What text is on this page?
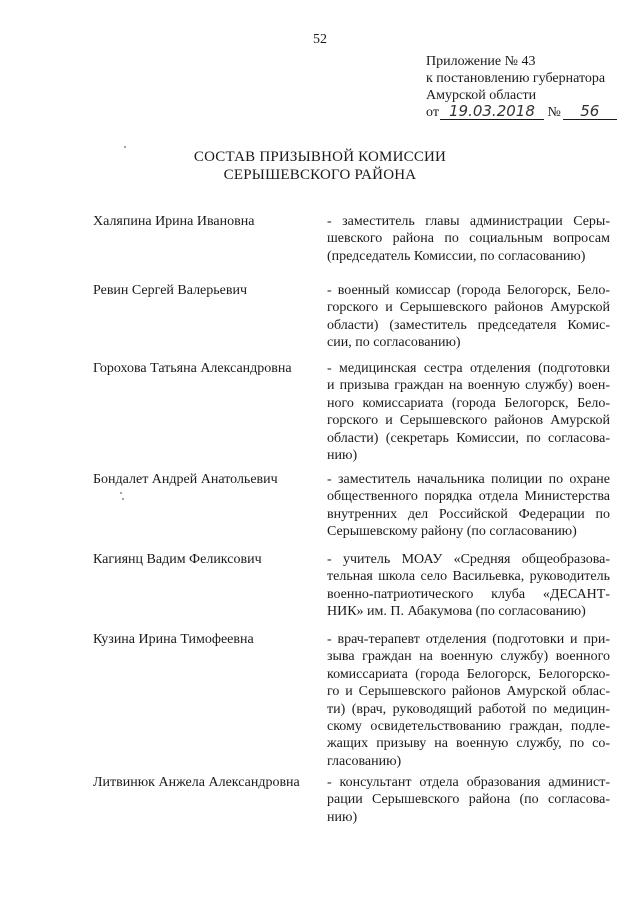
52
Приложение № 43
к постановлению губернатора
Амурской области
от 19.03.2018 № 56
СОСТАВ ПРИЗЫВНОЙ КОМИССИИ
СЕРЫШЕВСКОГО РАЙОНА
Халяпина Ирина Ивановна	- заместитель главы администрации Серы-
шевского района по социальным вопросам
(председатель Комиссии, по согласованию)
Ревин Сергей Валерьевич	- военный комиссар (города Белогорск, Бело-
горского и Серышевского районов Амурской
области) (заместитель председателя Комис-
сии, по согласованию)
Горохова Татьяна Александровна	- медицинская сестра отделения (подготовки
и призыва граждан на военную службу) воен-
ного комиссариата (города Белогорск, Бело-
горского и Серышевского районов Амурской
области) (секретарь Комиссии, по согласова-
нию)
Бондалет Андрей Анатольевич	- заместитель начальника полиции по охране
общественного порядка отдела Министерства
внутренних дел Российской Федерации по
Серышевскому району (по согласованию)
Кагиянц Вадим Феликсович	- учитель МОАУ «Средняя общеобразова-
тельная школа село Васильевка, руководитель
военно-патриотического клуба «ДЕСАНТ-
НИК» им. П. Абакумова (по согласованию)
Кузина Ирина Тимофеевна	- врач-терапевт отделения (подготовки и при-
зыва граждан на военную службу) военного
комиссариата (города Белогорск, Белогорско-
го и Серышевского районов Амурской облас-
ти) (врач, руководящий работой по медицин-
скому освидетельствованию граждан, подле-
жащих призыву на военную службу, по со-
гласованию)
Литвинюк Анжела Александровна - консультант отдела образования админист-
рации Серышевского района (по согласова-
нию)
